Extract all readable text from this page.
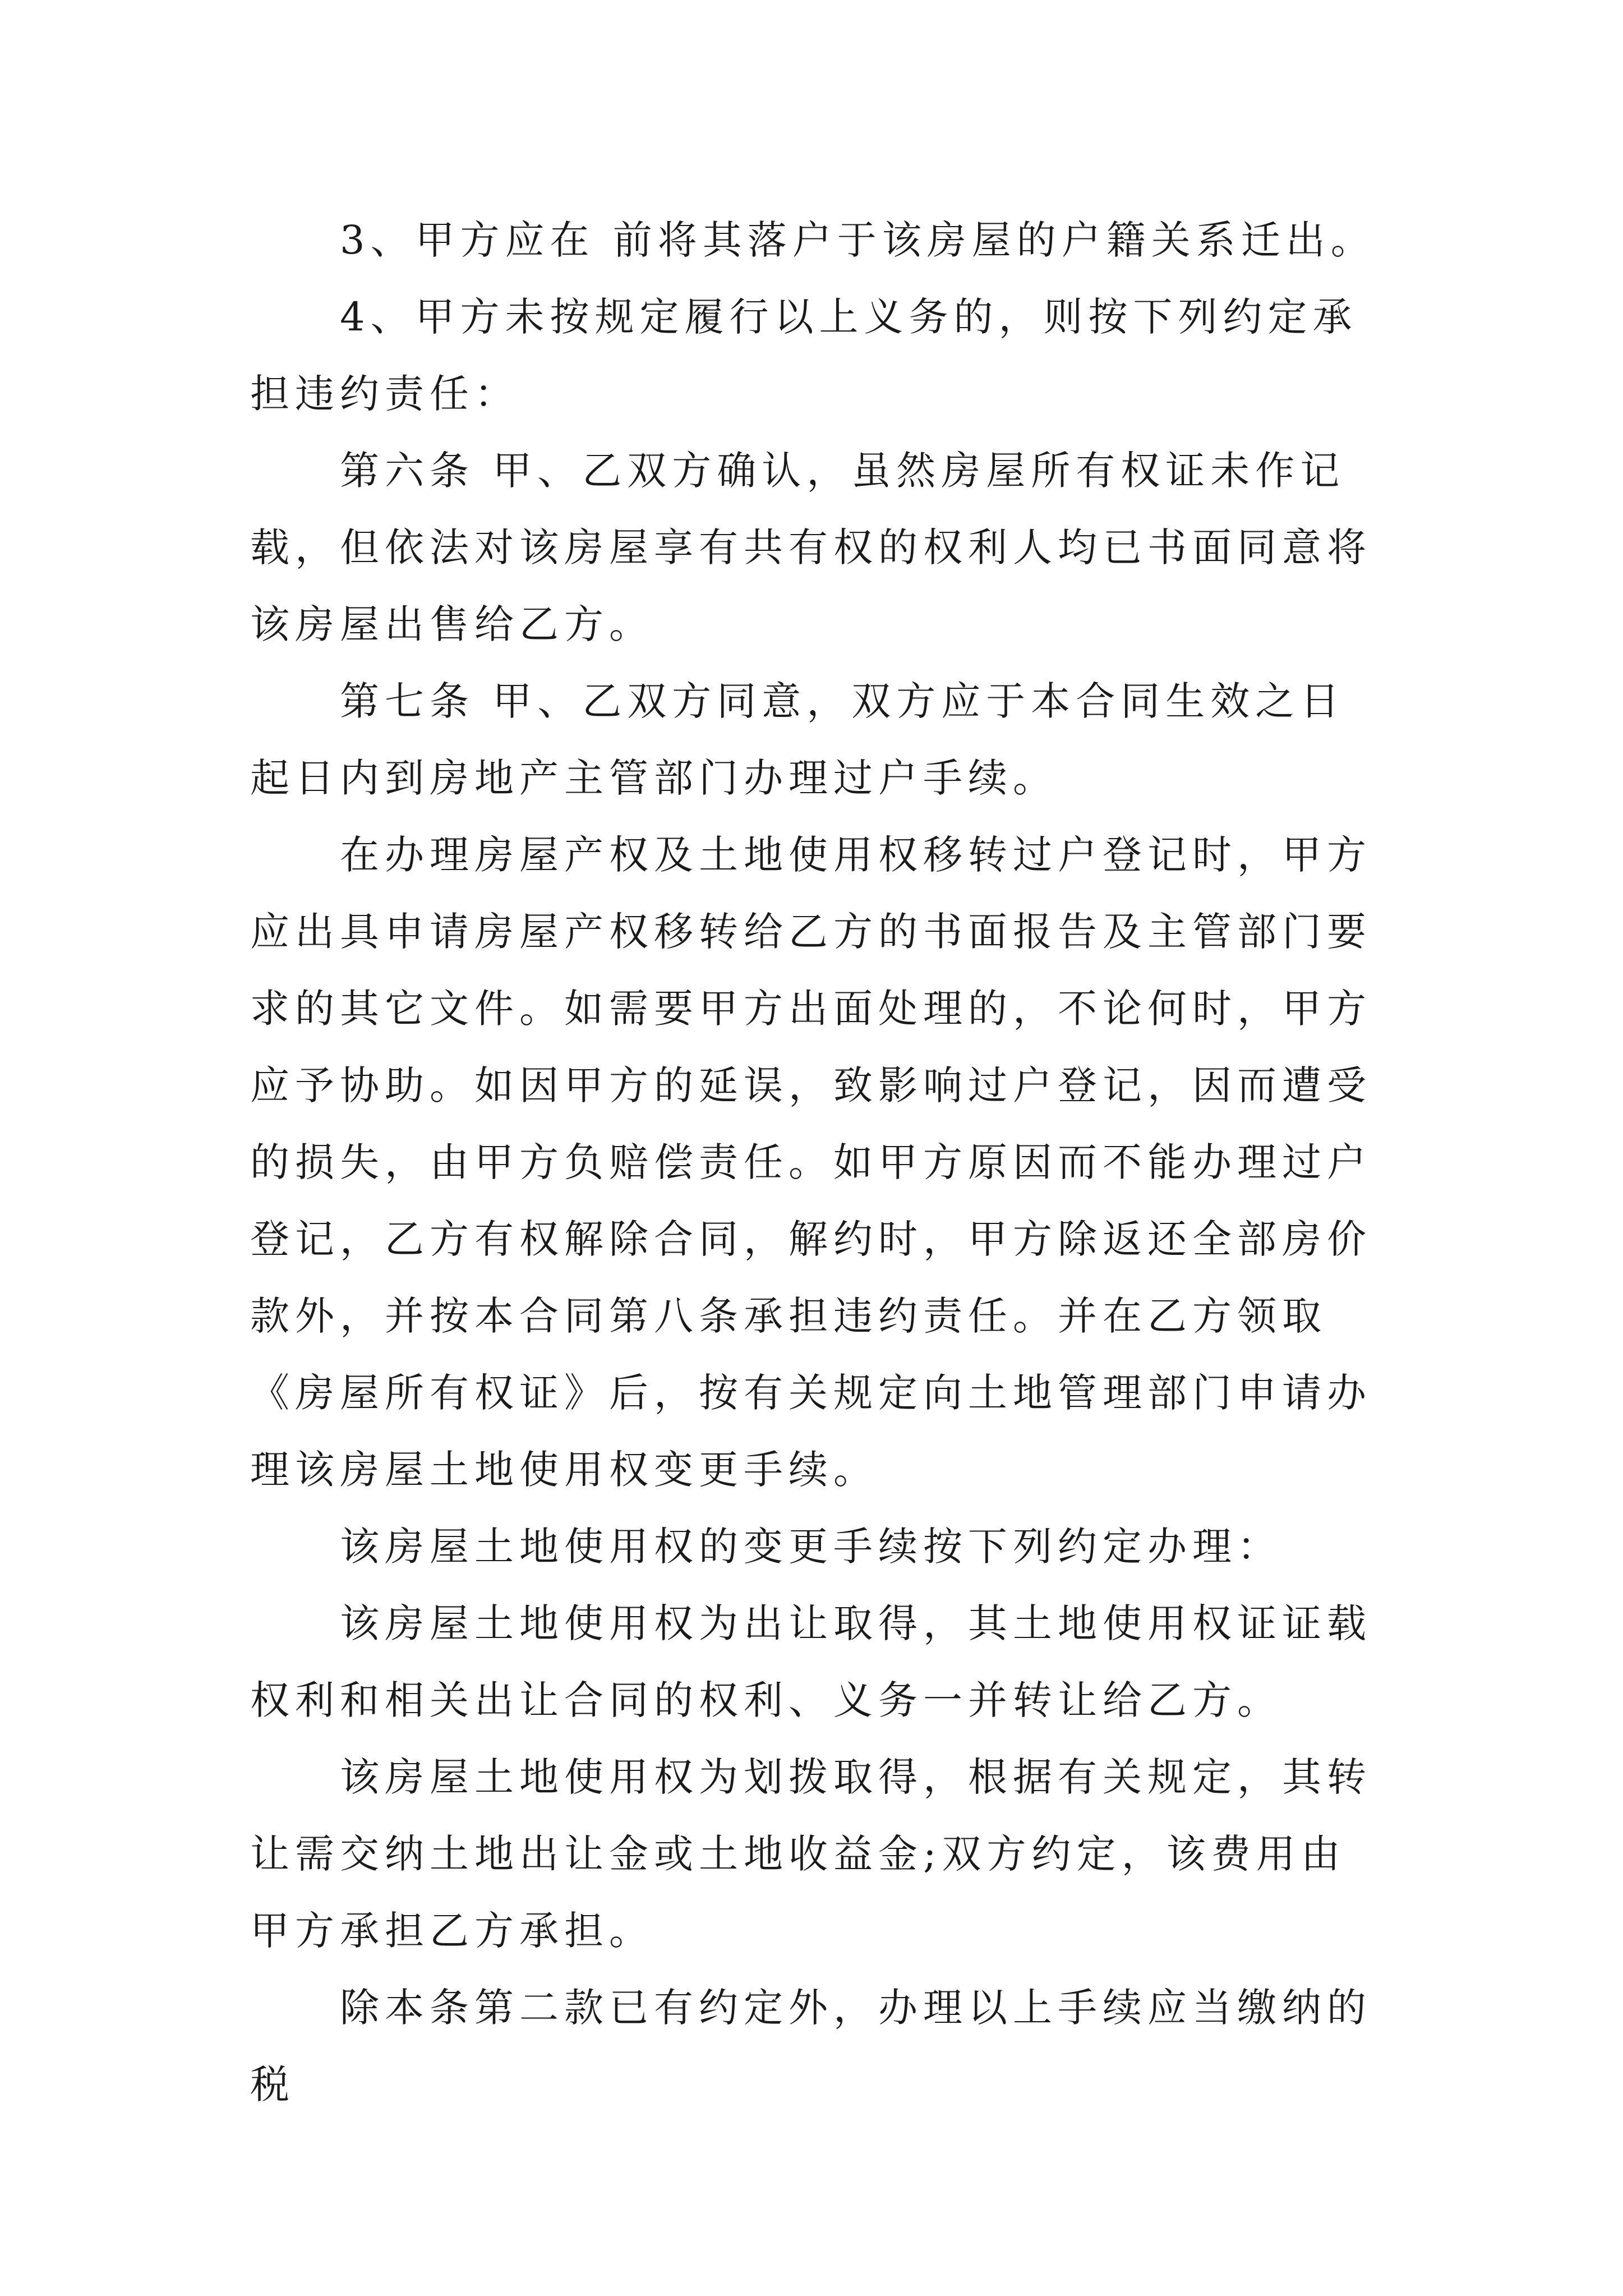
3、甲方应在 前将其落户于该房屋的户籍关系迁出。

4、甲方未按规定履行以上义务的，则按下列约定承担违约责任：

第六条 甲、乙双方确认，虽然房屋所有权证未作记载，但依法对该房屋享有共有权的权利人均已书面同意将该房屋出售给乙方。

第七条 甲、乙双方同意，双方应于本合同生效之日起日内到房地产主管部门办理过户手续。

在办理房屋产权及土地使用权移转过户登记时，甲方应出具申请房屋产权移转给乙方的书面报告及主管部门要求的其它文件。如需要甲方出面处理的，不论何时，甲方应予协助。如因甲方的延误，致影响过户登记，因而遭受的损失，由甲方负赔偿责任。如甲方原因而不能办理过户登记，乙方有权解除合同，解约时，甲方除返还全部房价款外，并按本合同第八条承担违约责任。并在乙方领取《房屋所有权证》后，按有关规定向土地管理部门申请办理该房屋土地使用权变更手续。

该房屋土地使用权的变更手续按下列约定办理：

该房屋土地使用权为出让取得，其土地使用权证证载权利和相关出让合同的权利、义务一并转让给乙方。

该房屋土地使用权为划拨取得，根据有关规定，其转让需交纳土地出让金或土地收益金;双方约定，该费用由 甲方承担乙方承担。

除本条第二款已有约定外，办理以上手续应当缴纳的税
